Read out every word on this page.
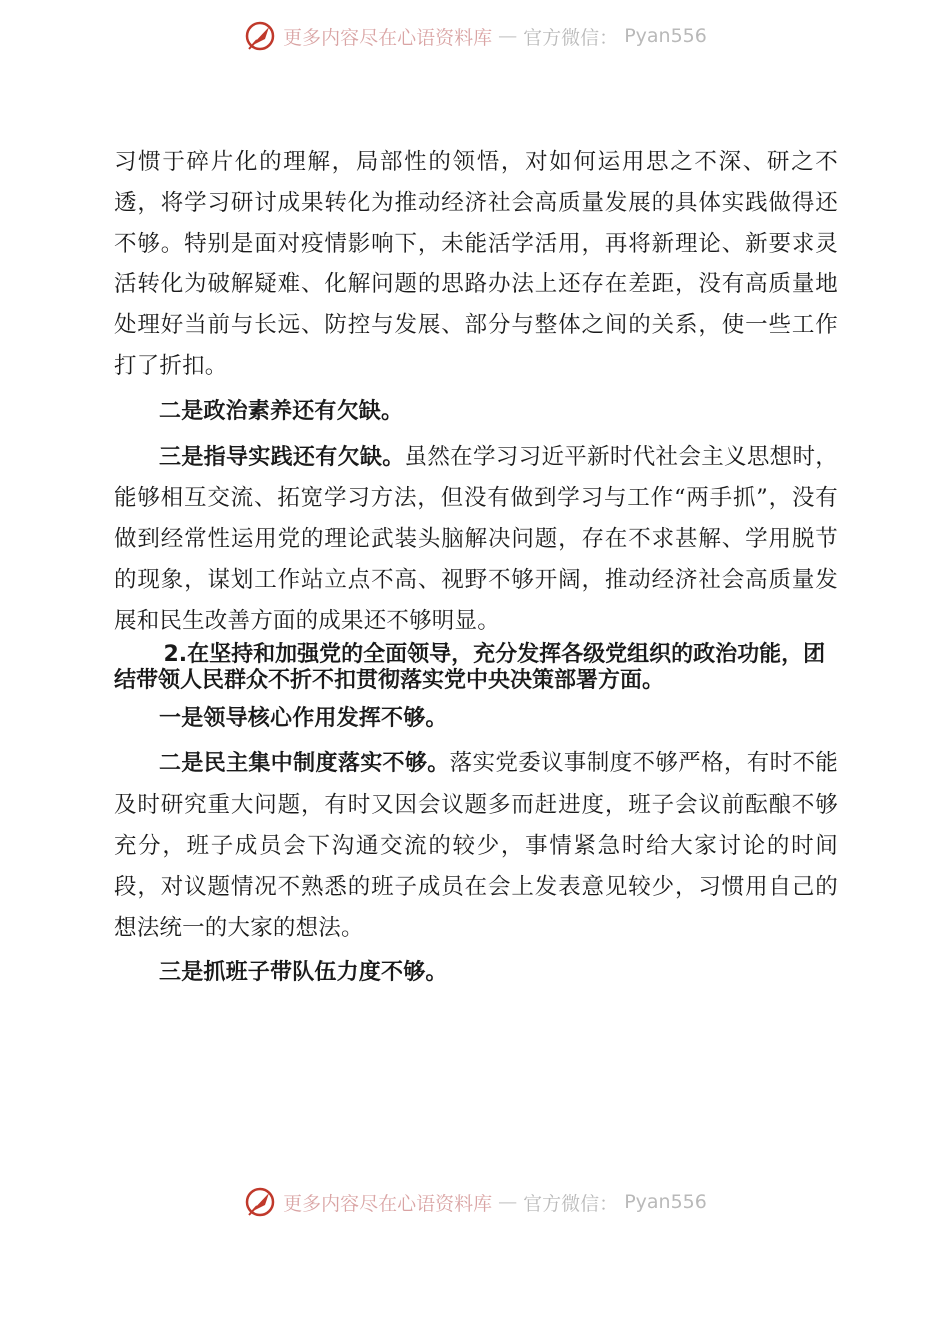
更多内容尽在心语资料库 — 官方微信： Pyan556

习惯于碎片化的理解，局部性的领悟，对如何运用思之不深、研之不透，将学习研讨成果转化为推动经济社会高质量发展的具体实践做得还不够。特别是面对疫情影响下，未能活学活用，再将新理论、新要求灵活转化为破解疑难、化解问题的思路办法上还存在差距，没有高质量地处理好当前与长远、防控与发展、部分与整体之间的关系，使一些工作打了折扣。

二是政治素养还有欠缺。

三是指导实践还有欠缺。虽然在学习习近平新时代社会主义思想时，能够相互交流、拓宽学习方法，但没有做到学习与工作“两手抓”，没有做到经常性运用党的理论武装头脑解决问题，存在不求甚解、学用脱节的现象，谋划工作站立点不高、视野不够开阔，推动经济社会高质量发展和民生改善方面的成果还不够明显。

2.在坚持和加强党的全面领导，充分发挥各级党组织的政治功能，团结带领人民群众不折不扣贯彻落实党中央决策部署方面。

一是领导核心作用发挥不够。

二是民主集中制度落实不够。落实党委议事制度不够严格，有时不能及时研究重大问题，有时又因会议题多而赶进度，班子会议前酝酿不够充分，班子成员会下沟通交流的较少，事情紧急时给大家讨论的时间段，对议题情况不熟悉的班子成员在会上发表意见较少，习惯用自己的想法统一的大家的想法。

三是抓班子带队伍力度不够。

更多内容尽在心语资料库 — 官方微信： Pyan556
